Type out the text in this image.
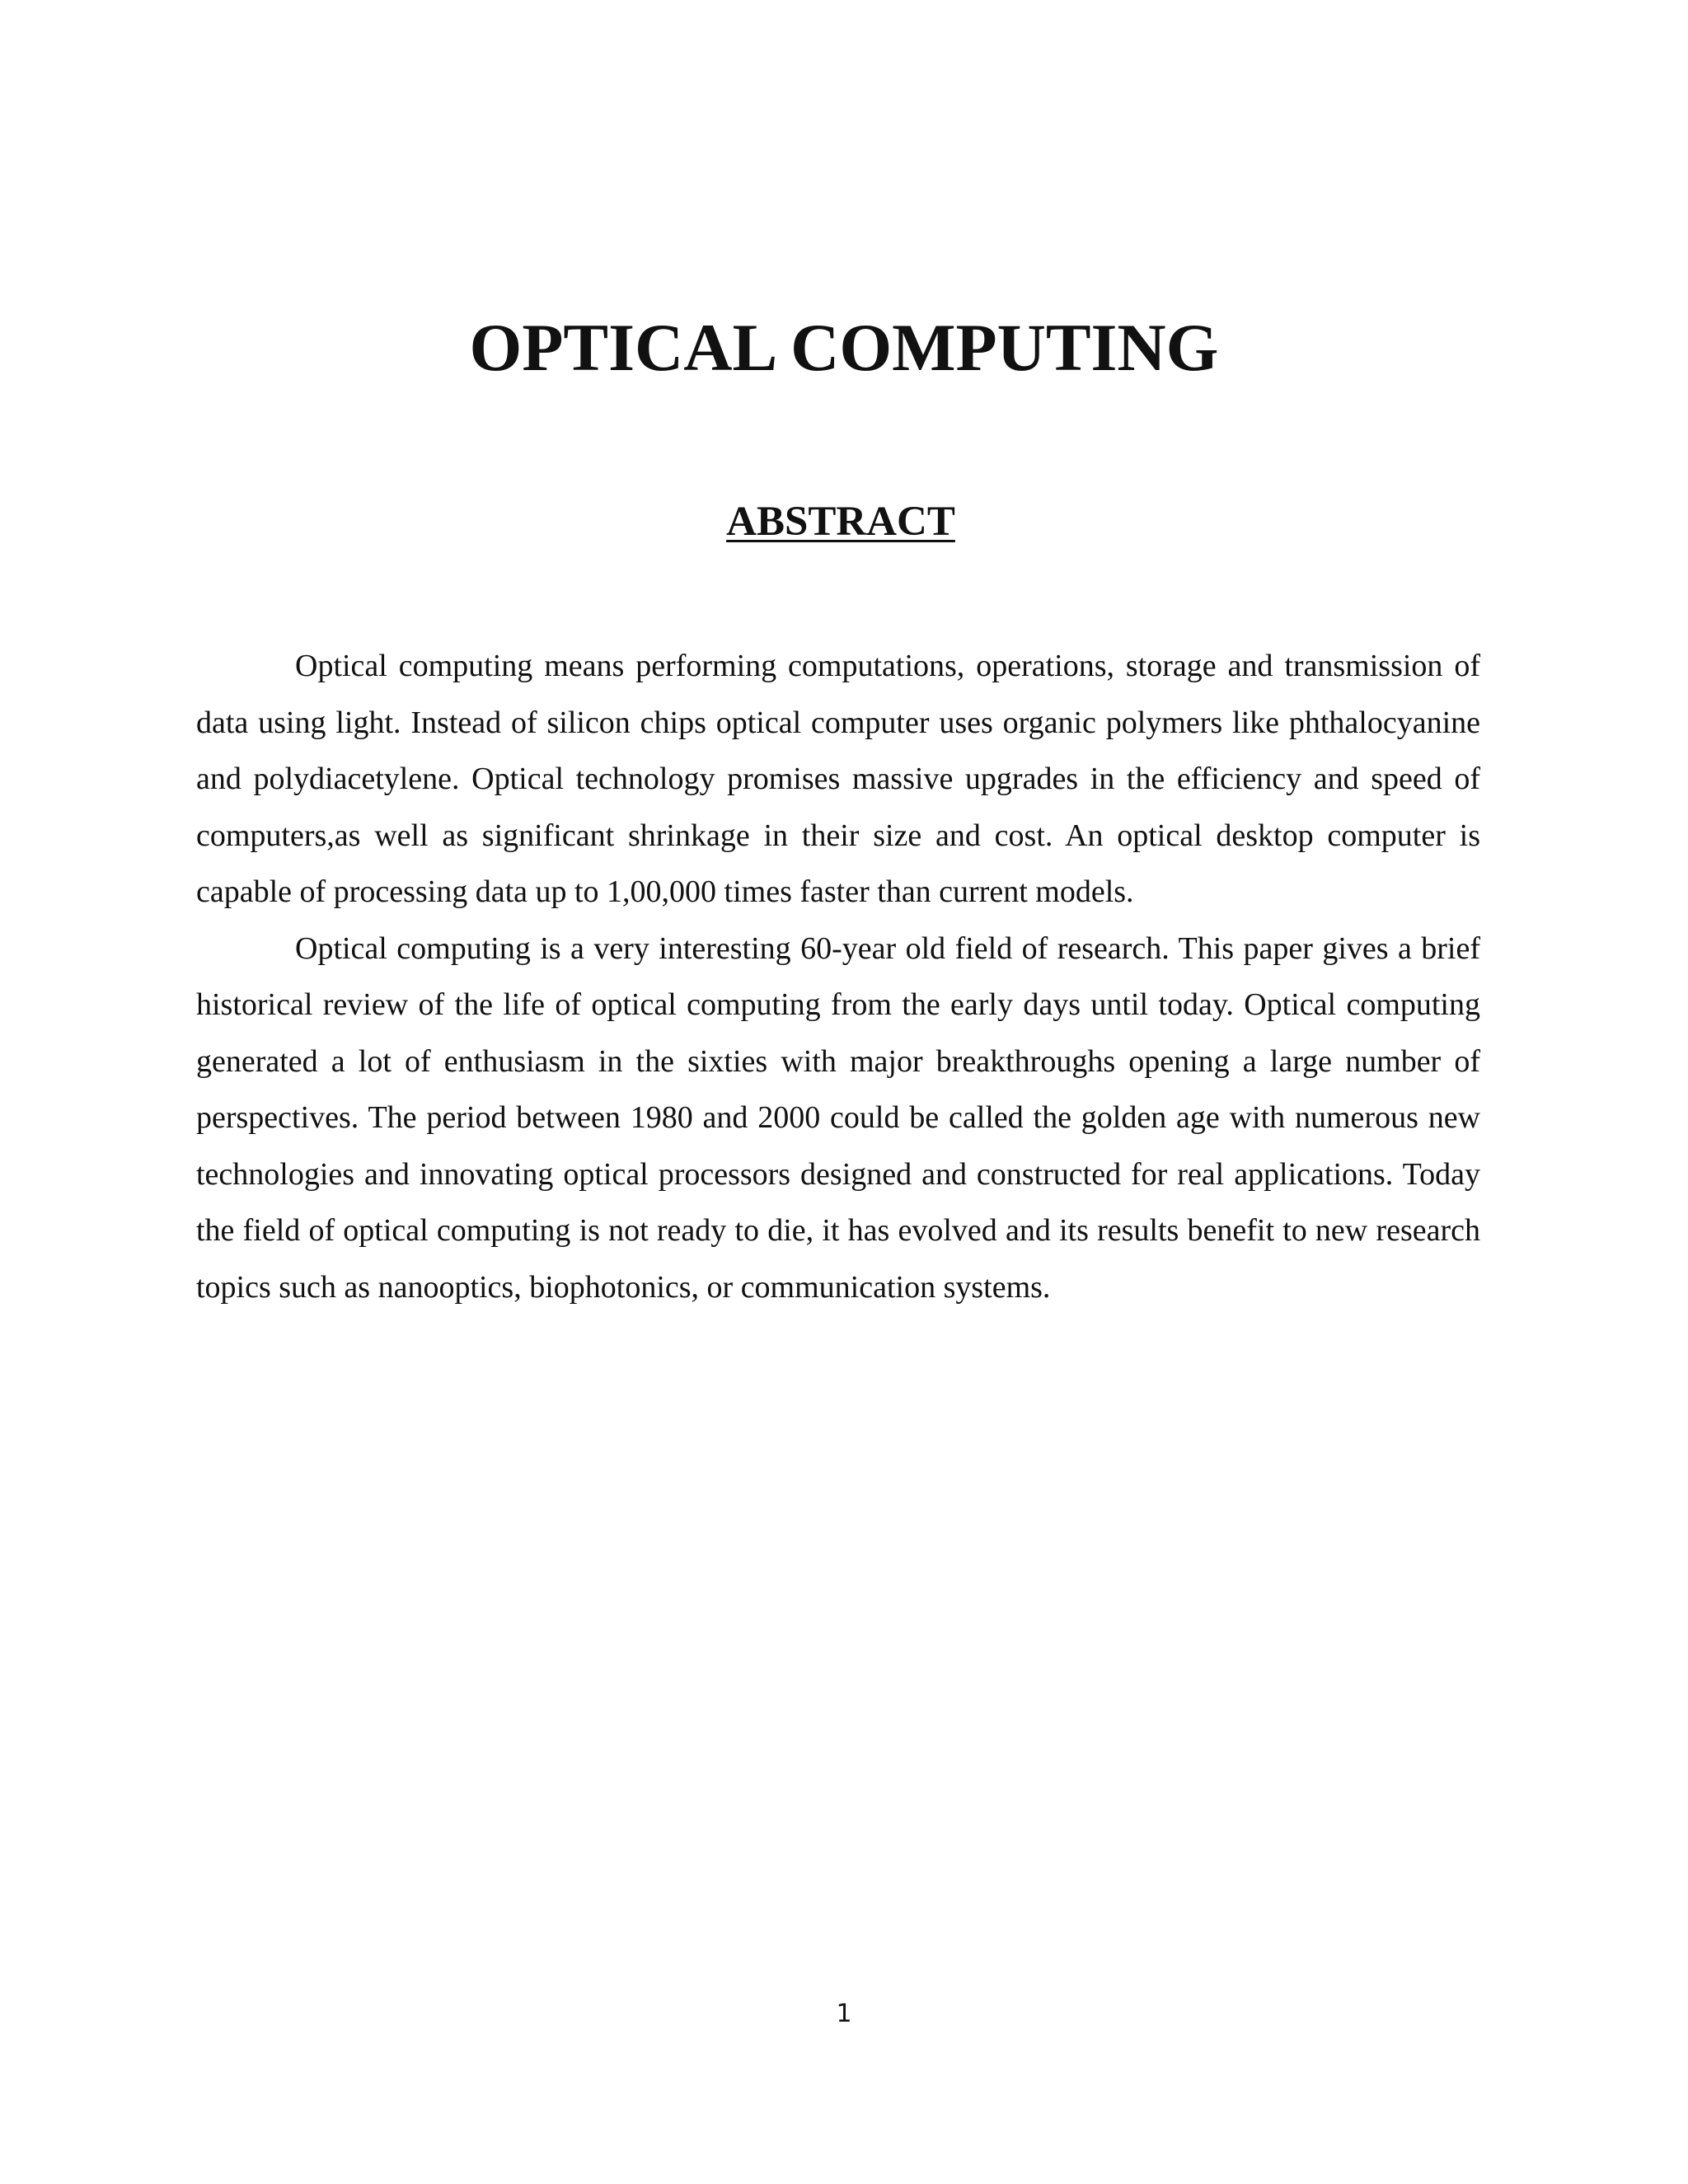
OPTICAL COMPUTING
ABSTRACT

Optical computing means performing computations, operations, storage and transmission of data using light. Instead of silicon chips optical computer uses organic polymers like phthalocyanine and polydiacetylene. Optical technology promises massive upgrades in the efficiency and speed of computers,as well as significant shrinkage in their size and cost. An optical desktop computer is capable of processing data up to 1,00,000 times faster than current models.

Optical computing is a very interesting 60-year old field of research. This paper gives a brief historical review of the life of optical computing from the early days until today. Optical computing generated a lot of enthusiasm in the sixties with major breakthroughs opening a large number of perspectives. The period between 1980 and 2000 could be called the golden age with numerous new technologies and innovating optical processors designed and constructed for real applications. Today the field of optical computing is not ready to die, it has evolved and its results benefit to new research topics such as nanooptics, biophotonics, or communication systems.

1
